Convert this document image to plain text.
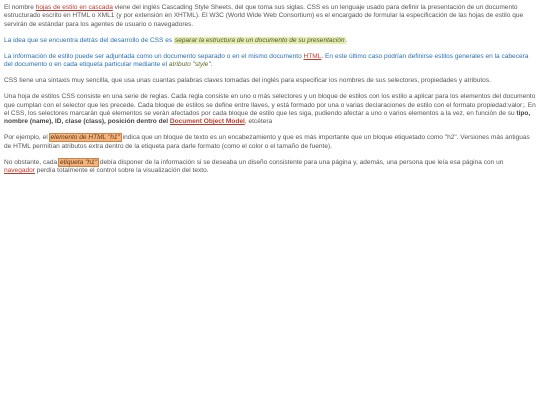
El nombre hojas de estilo en cascada viene del inglés Cascading Style Sheets, del que toma sus siglas. CSS es un lenguaje usado para definir la presentación de un documento estructurado escrito en HTML o XML1 (y por extensión en XHTML). El W3C (World Wide Web Consortium) es el encargado de formular la especificación de las hojas de estilo que servirán de estándar para los agentes de usuario o navegadores.

La idea que se encuentra detrás del desarrollo de CSS es separar la estructura de un documento de su presentación.

La información de estilo puede ser adjuntada como un documento separado o en el mismo documento HTML. En este último caso podrían definirse estilos generales en la cabecera del documento o en cada etiqueta particular mediante el atributo "style".

CSS tiene una sintaxis muy sencilla, que usa unas cuantas palabras claves tomadas del inglés para especificar los nombres de sus selectores, propiedades y atributos.

Una hoja de estilos CSS consiste en una serie de reglas. Cada regla consiste en uno o más selectores y un bloque de estilos con los estilo a aplicar para los elementos del documento que cumplan con el selector que les precede. Cada bloque de estilos se define entre llaves, y está formado por una o varias declaraciones de estilo con el formato propiedad:valor;. En el CSS, los selectores marcarán qué elementos se verán afectados por cada bloque de estilo que les siga, pudiendo afectar a uno o varios elementos a la vez, en función de su tipo, nombre (name), ID, clase (class), posición dentro del Document Object Model, etcétera

Por ejemplo, el elemento de HTML "h1" indica que un bloque de texto es un encabezamiento y que es más importante que un bloque etiquetado como "h2". Versiones más antiguas de HTML permitían atributos extra dentro de la etiqueta para darle formato (como el color o el tamaño de fuente).

No obstante, cada etiqueta "h1" debía disponer de la información si se deseaba un diseño consistente para una página y, además, una persona que leía esa página con un navegador perdía totalmente el control sobre la visualización del texto.
